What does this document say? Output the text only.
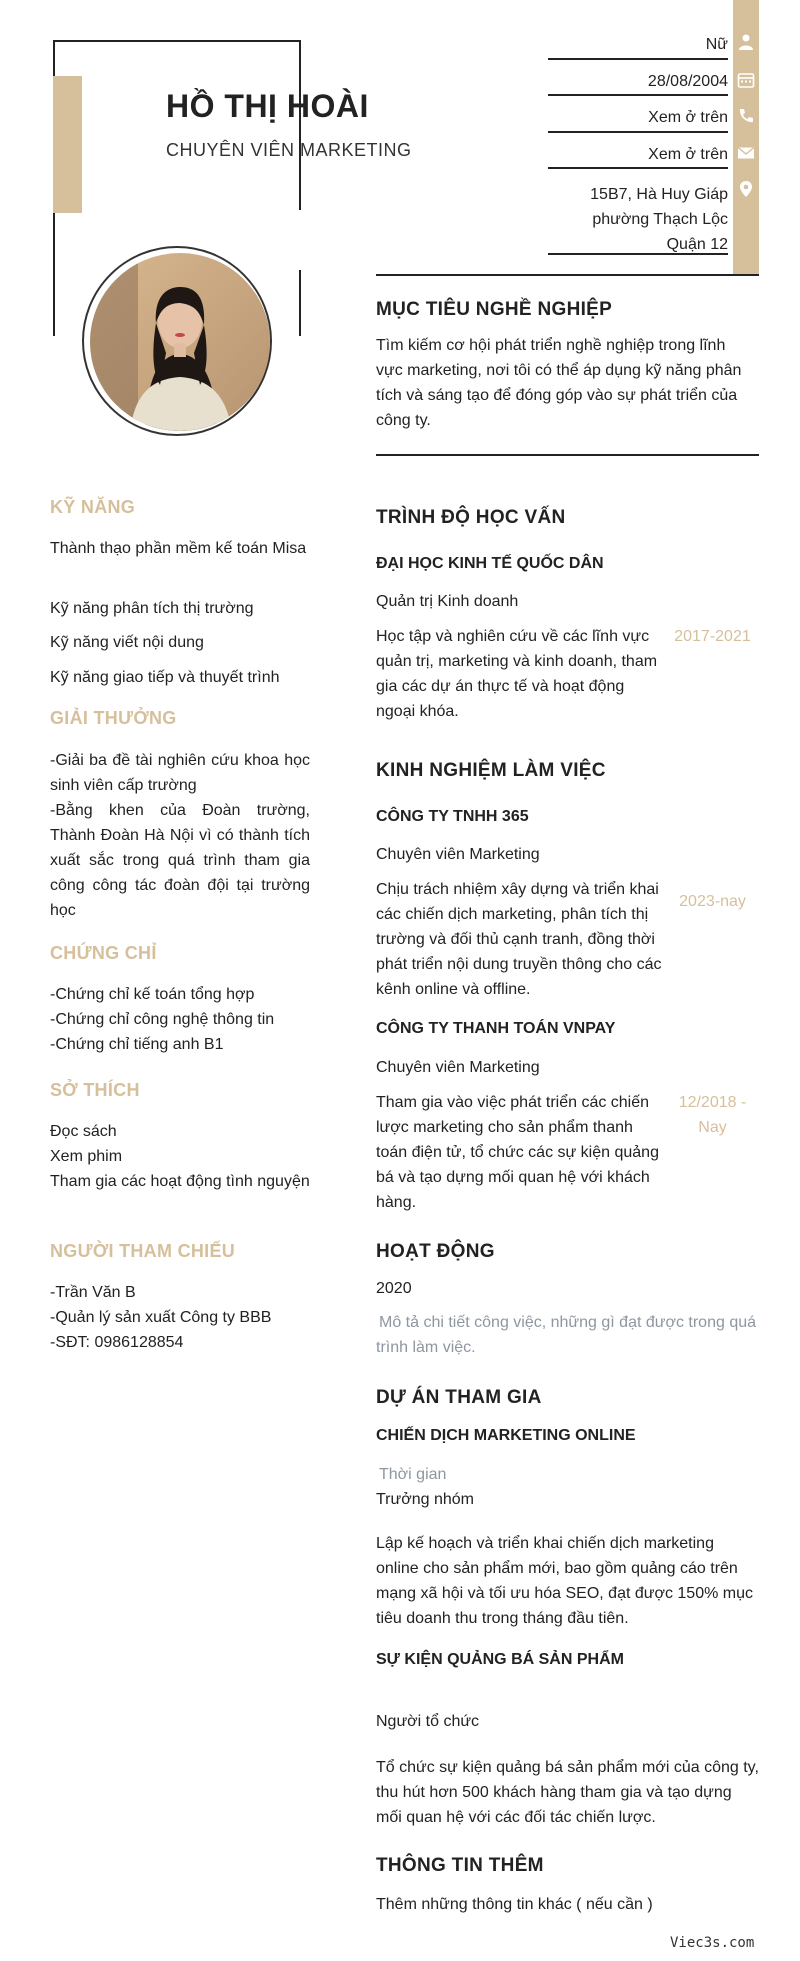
HỒ THỊ HOÀI
CHUYÊN VIÊN MARKETING
Nữ
28/08/2004
Xem ở trên
Xem ở trên
15B7, Hà Huy Giáp
phường Thạch Lộc
Quận 12
MỤC TIÊU NGHỀ NGHIỆP
Tìm kiếm cơ hội phát triển nghề nghiệp trong lĩnh vực marketing, nơi tôi có thể áp dụng kỹ năng phân tích và sáng tạo để đóng góp vào sự phát triển của công ty.
KỸ NĂNG
Thành thạo phần mềm kế toán Misa
Kỹ năng phân tích thị trường
Kỹ năng viết nội dung
Kỹ năng giao tiếp và thuyết trình
GIẢI THƯỞNG
-Giải ba đề tài nghiên cứu khoa học sinh viên cấp trường
-Bằng khen của Đoàn trường, Thành Đoàn Hà Nội vì có thành tích xuất sắc trong quá trình tham gia công công tác đoàn đội tại trường học
CHỨNG CHỈ
-Chứng chỉ kế toán tổng hợp
-Chứng chỉ công nghệ thông tin
-Chứng chỉ tiếng anh B1
SỞ THÍCH
Đọc sách
Xem phim
Tham gia các hoạt động tình nguyện
NGƯỜI THAM CHIẾU
-Trần Văn B
-Quản lý sản xuất Công ty BBB
-SĐT: 0986128854
TRÌNH ĐỘ HỌC VẤN
ĐẠI HỌC KINH TẾ QUỐC DÂN
Quản trị Kinh doanh
Học tập và nghiên cứu về các lĩnh vực quản trị, marketing và kinh doanh, tham gia các dự án thực tế và hoạt động ngoại khóa.
2017-2021
KINH NGHIỆM LÀM VIỆC
CÔNG TY TNHH 365
Chuyên viên Marketing
Chịu trách nhiệm xây dựng và triển khai các chiến dịch marketing, phân tích thị trường và đối thủ cạnh tranh, đồng thời phát triển nội dung truyền thông cho các kênh online và offline.
2023-nay
CÔNG TY THANH TOÁN VNPAY
Chuyên viên Marketing
Tham gia vào việc phát triển các chiến lược marketing cho sản phẩm thanh toán điện tử, tổ chức các sự kiện quảng bá và tạo dựng mối quan hệ với khách hàng.
12/2018 - Nay
HOẠT ĐỘNG
2020
Mô tả chi tiết công việc, những gì đạt được trong quá trình làm việc.
DỰ ÁN THAM GIA
CHIẾN DỊCH MARKETING ONLINE
Thời gian
Trưởng nhóm
Lập kế hoạch và triển khai chiến dịch marketing online cho sản phẩm mới, bao gồm quảng cáo trên mạng xã hội và tối ưu hóa SEO, đạt được 150% mục tiêu doanh thu trong tháng đầu tiên.
SỰ KIỆN QUẢNG BÁ SẢN PHẨM
Người tổ chức
Tổ chức sự kiện quảng bá sản phẩm mới của công ty, thu hút hơn 500 khách hàng tham gia và tạo dựng mối quan hệ với các đối tác chiến lược.
THÔNG TIN THÊM
Thêm những thông tin khác ( nếu cần )
Viec3s.com
